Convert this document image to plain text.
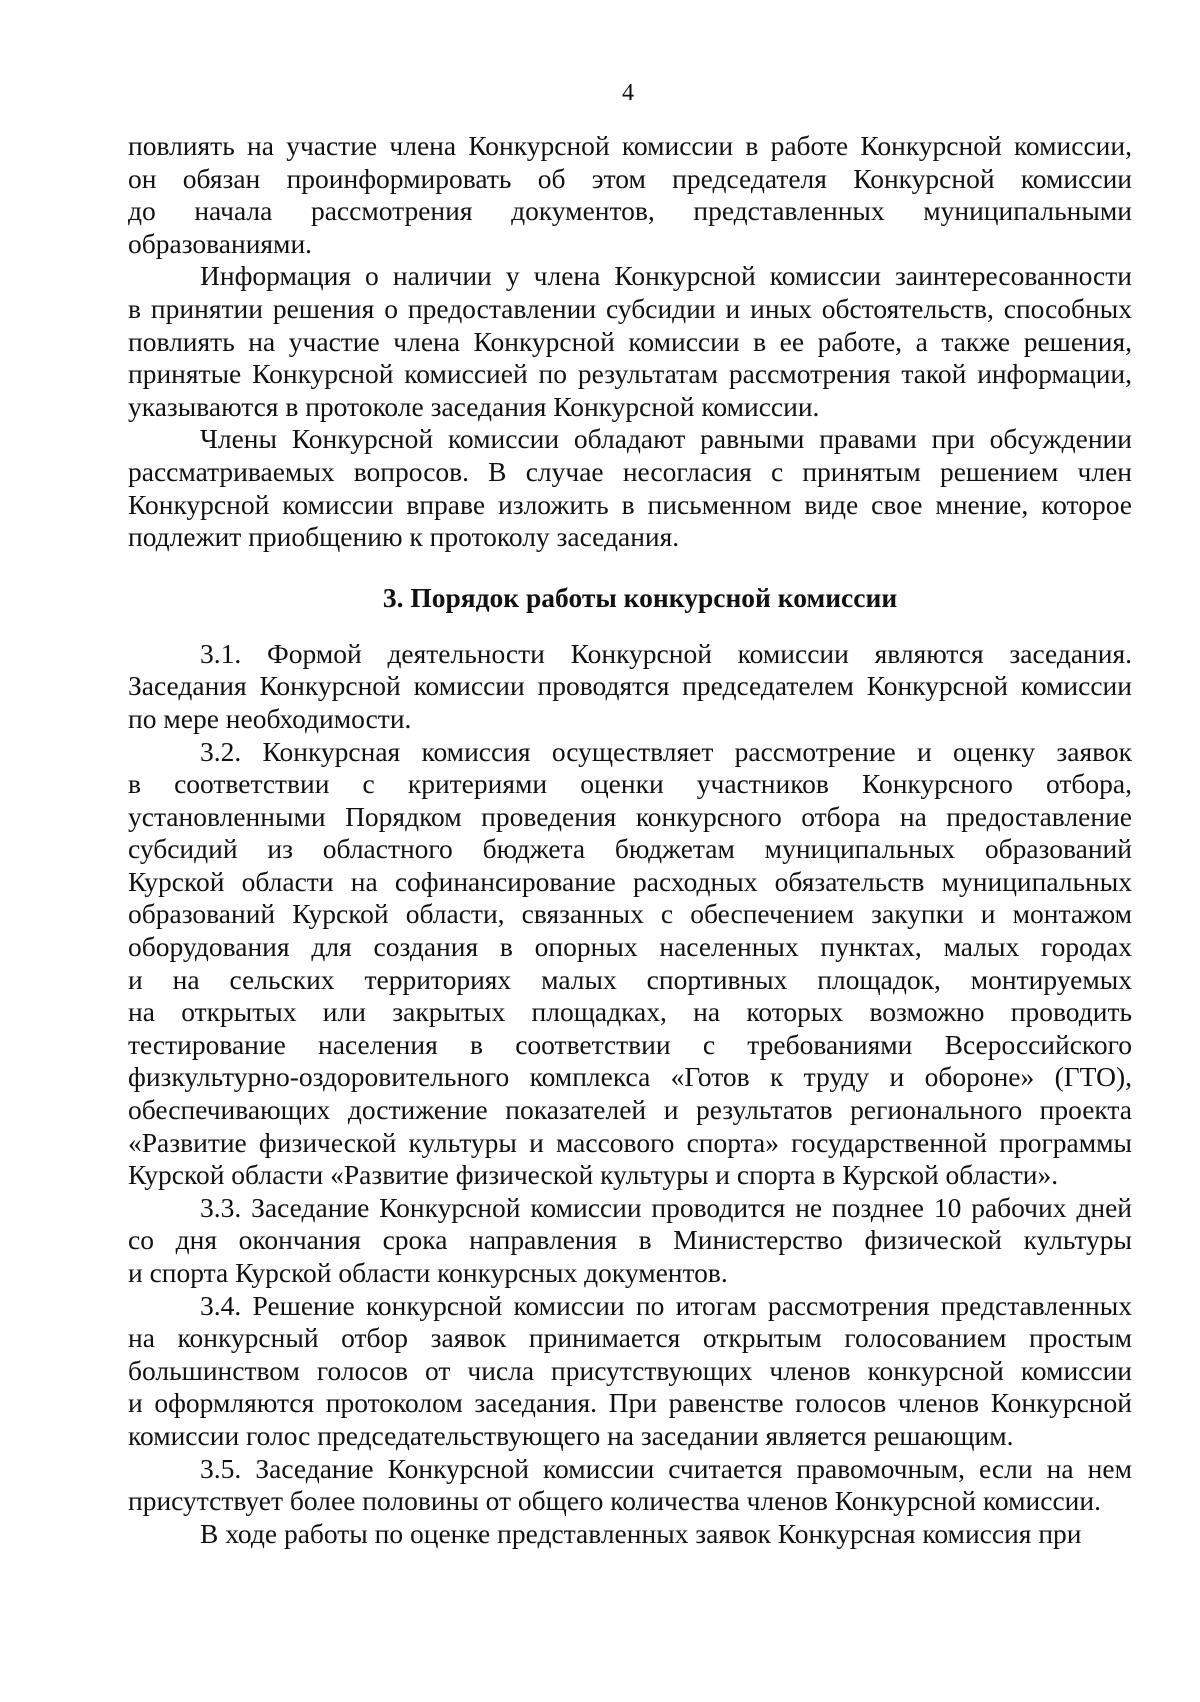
4
повлиять на участие члена Конкурсной комиссии в работе Конкурсной комиссии,
он обязан проинформировать об этом председателя Конкурсной комиссии
до начала рассмотрения документов, представленных муниципальными
образованиями.
Информация о наличии у члена Конкурсной комиссии заинтересованности
в принятии решения о предоставлении субсидии и иных обстоятельств, способных
повлиять на участие члена Конкурсной комиссии в ее работе, а также решения,
принятые Конкурсной комиссией по результатам рассмотрения такой информации,
указываются в протоколе заседания Конкурсной комиссии.
Члены Конкурсной комиссии обладают равными правами при обсуждении
рассматриваемых вопросов. В случае несогласия с принятым решением член
Конкурсной комиссии вправе изложить в письменном виде свое мнение, которое
подлежит приобщению к протоколу заседания.
3. Порядок работы конкурсной комиссии
3.1. Формой деятельности Конкурсной комиссии являются заседания.
Заседания Конкурсной комиссии проводятся председателем Конкурсной комиссии
по мере необходимости.
3.2. Конкурсная комиссия осуществляет рассмотрение и оценку заявок
в соответствии с критериями оценки участников Конкурсного отбора,
установленными Порядком проведения конкурсного отбора на предоставление
субсидий из областного бюджета бюджетам муниципальных образований
Курской области на софинансирование расходных обязательств муниципальных
образований Курской области, связанных с обеспечением закупки и монтажом
оборудования для создания в опорных населенных пунктах, малых городах
и на сельских территориях малых спортивных площадок, монтируемых
на открытых или закрытых площадках, на которых возможно проводить
тестирование населения в соответствии с требованиями Всероссийского
физкультурно-оздоровительного комплекса «Готов к труду и обороне» (ГТО),
обеспечивающих достижение показателей и результатов регионального проекта
«Развитие физической культуры и массового спорта» государственной программы
Курской области «Развитие физической культуры и спорта в Курской области».
3.3. Заседание Конкурсной комиссии проводится не позднее 10 рабочих дней
со дня окончания срока направления в Министерство физической культуры
и спорта Курской области конкурсных документов.
3.4. Решение конкурсной комиссии по итогам рассмотрения представленных
на конкурсный отбор заявок принимается открытым голосованием простым
большинством голосов от числа присутствующих членов конкурсной комиссии
и оформляются протоколом заседания. При равенстве голосов членов Конкурсной
комиссии голос председательствующего на заседании является решающим.
3.5. Заседание Конкурсной комиссии считается правомочным, если на нем
присутствует более половины от общего количества членов Конкурсной комиссии.
В ходе работы по оценке представленных заявок Конкурсная комиссия при
